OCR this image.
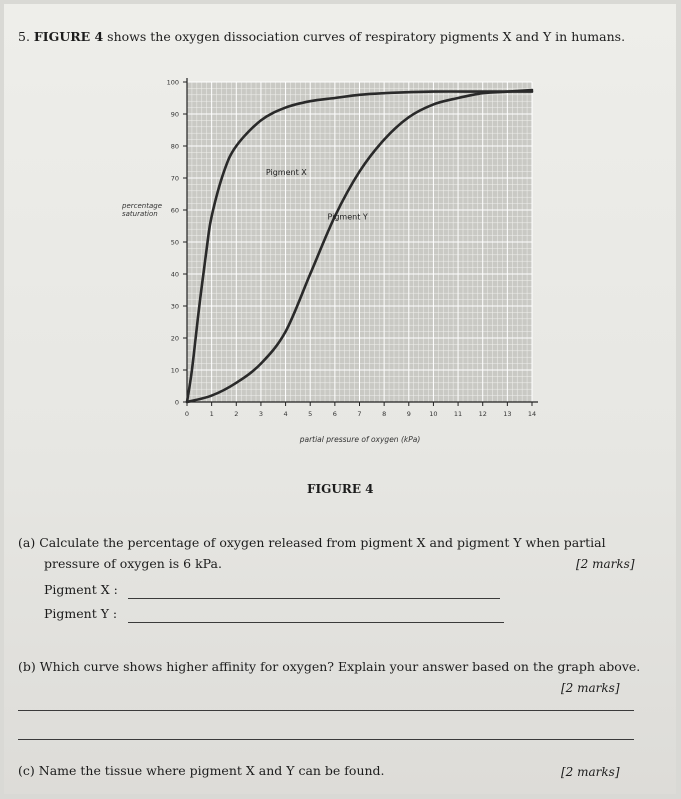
5. FIGURE 4 shows the oxygen dissociation curves of respiratory pigments X and Y in humans.
0
10
20
30
40
50
60
70
80
90
100
0	1	2	3	4	5	6	7	8	9	10	11	12	13	14
Pigment X
Pigment Y
percentage saturation
partial pressure of oxygen (kPa)
FIGURE 4
(a) Calculate the percentage of oxygen released from pigment X and pigment Y when partial
pressure of oxygen is 6 kPa.	[2 marks]
Pigment X :
Pigment Y :
(b) Which curve shows higher affinity for oxygen? Explain your answer based on the graph above.
[2 marks]
(c) Name the tissue where pigment X and Y can be found.	[2 marks]
